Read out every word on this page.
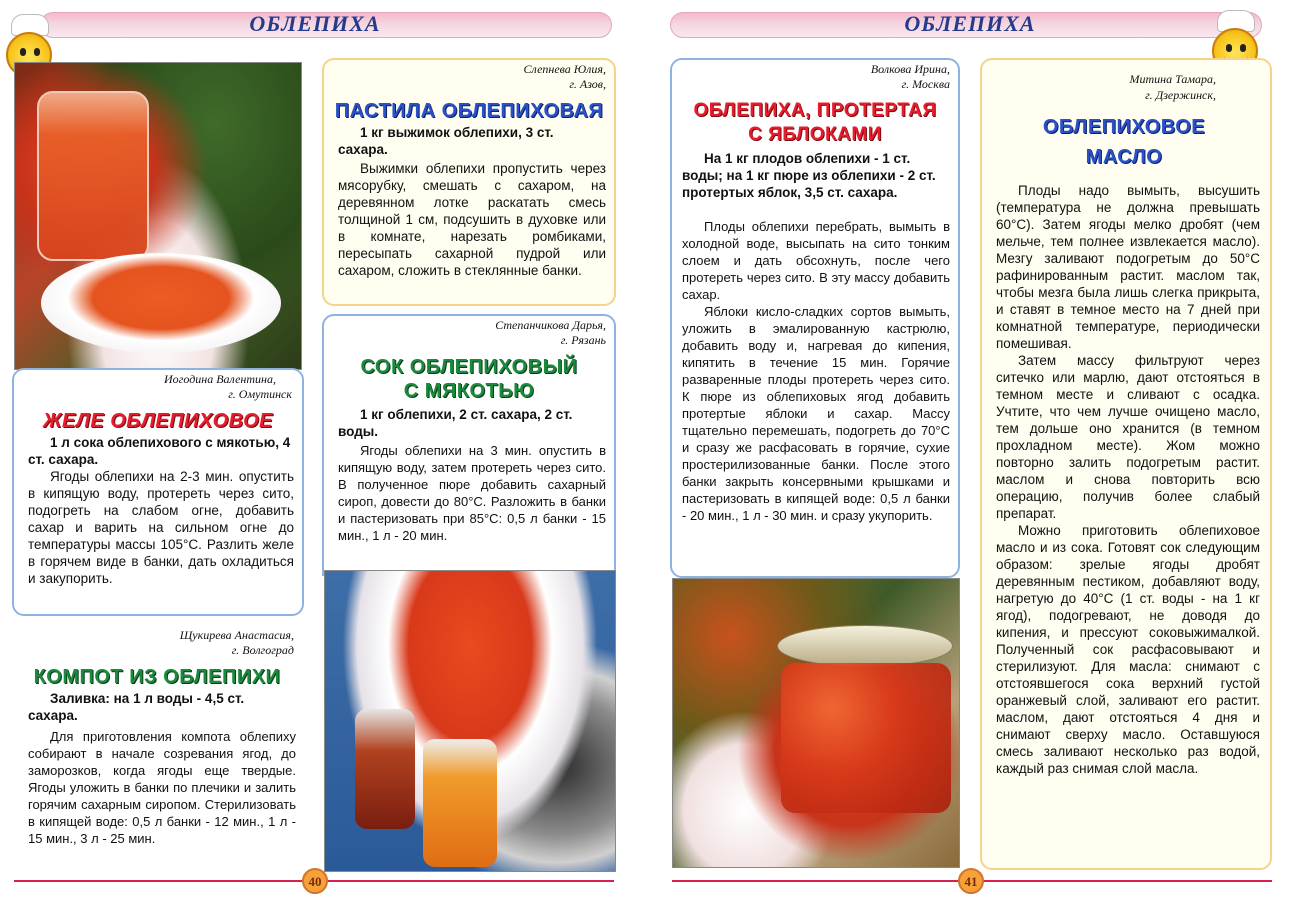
ОБЛЕПИХА
Слепнева Юлия,
г. Азов,
ПАСТИЛА ОБЛЕПИХОВАЯ
1 кг выжимок облепихи, 3 ст. сахара.

Выжимки облепихи пропустить через мясорубку, смешать с сахаром, на деревянном лотке раскатать смесь толщиной 1 см, подсушить в духовке или в комнате, нарезать ромбиками, пересыпать сахарной пудрой или сахаром, сложить в стеклянные банки.

Степанчикова Дарья,
г. Рязань
СОК ОБЛЕПИХОВЫЙ
С МЯКОТЬЮ
1 кг облепихи, 2 ст. сахара, 2 ст. воды.

Ягоды облепихи на 3 мин. опустить в кипящую воду, затем протереть через сито. В полученное пюре добавить сахарный сироп, довести до 80°С. Разложить в банки и пастеризовать при 85°С: 0,5 л банки - 15 мин., 1 л - 20 мин.

Иогодина Валентина,
г. Омутинск
ЖЕЛЕ ОБЛЕПИХОВОЕ
1 л сока облепихового с мякотью, 4 ст. сахара.

Ягоды облепихи на 2-3 мин. опустить в кипящую воду, протереть через сито, подогреть на слабом огне, добавить сахар и варить на сильном огне до температуры массы 105°С. Разлить желе в горячем виде в банки, дать охладиться и закупорить.

Щукирева Анастасия,
г. Волгоград
КОМПОТ ИЗ ОБЛЕПИХИ
Заливка: на 1 л воды - 4,5 ст. сахара.

Для приготовления компота облепиху собирают в начале созревания ягод, до заморозков, когда ягоды еще твердые. Ягоды уложить в банки по плечики и залить горячим сахарным сиропом. Стерилизовать в кипящей воде: 0,5 л банки - 12 мин., 1 л - 15 мин., 3 л - 25 мин.

40
ОБЛЕПИХА
Волкова Ирина,
г. Москва
ОБЛЕПИХА, ПРОТЕРТАЯ
С ЯБЛОКАМИ
На 1 кг плодов облепихи - 1 ст. воды; на 1 кг пюре из облепихи - 2 ст. протертых яблок, 3,5 ст. сахара.

Плоды облепихи перебрать, вымыть в холодной воде, высыпать на сито тонким слоем и дать обсохнуть, после чего протереть через сито. В эту массу добавить сахар.

Яблоки кисло-сладких сортов вымыть, уложить в эмалированную кастрюлю, добавить воду и, нагревая до кипения, кипятить в течение 15 мин. Горячие разваренные плоды протереть через сито. К пюре из облепиховых ягод добавить протертые яблоки и сахар. Массу тщательно перемешать, подогреть до 70°С и сразу же расфасовать в горячие, сухие простерилизованные банки. После этого банки закрыть консервными крышками и пастеризовать в кипящей воде: 0,5 л банки - 20 мин., 1 л - 30 мин. и сразу укупорить.

Митина Тамара,
г. Дзержинск,
ОБЛЕПИХОВОЕ
МАСЛО

Плоды надо вымыть, высушить (температура не должна превышать 60°С). Затем ягоды мелко дробят (чем мельче, тем полнее извлекается масло). Мезгу заливают подогретым до 50°С рафинированным растит. маслом так, чтобы мезга была лишь слегка прикрыта, и ставят в темное место на 7 дней при комнатной температуре, периодически помешивая.

Затем массу фильтруют через ситечко или марлю, дают отстояться в темном месте и сливают с осадка. Учтите, что чем лучше очищено масло, тем дольше оно хранится (в темном прохладном месте). Жом можно повторно залить подогретым растит. маслом и снова повторить всю операцию, получив более слабый препарат.

Можно приготовить облепиховое масло и из сока. Готовят сок следующим образом: зрелые ягоды дробят деревянным пестиком, добавляют воду, нагретую до 40°С (1 ст. воды - на 1 кг ягод), подогревают, не доводя до кипения, и прессуют соковыжималкой. Полученный сок расфасовывают и стерилизуют. Для масла: снимают с отстоявшегося сока верхний густой оранжевый слой, заливают его растит. маслом, дают отстояться 4 дня и снимают сверху масло. Оставшуюся смесь заливают несколько раз водой, каждый раз снимая слой масла.

41
